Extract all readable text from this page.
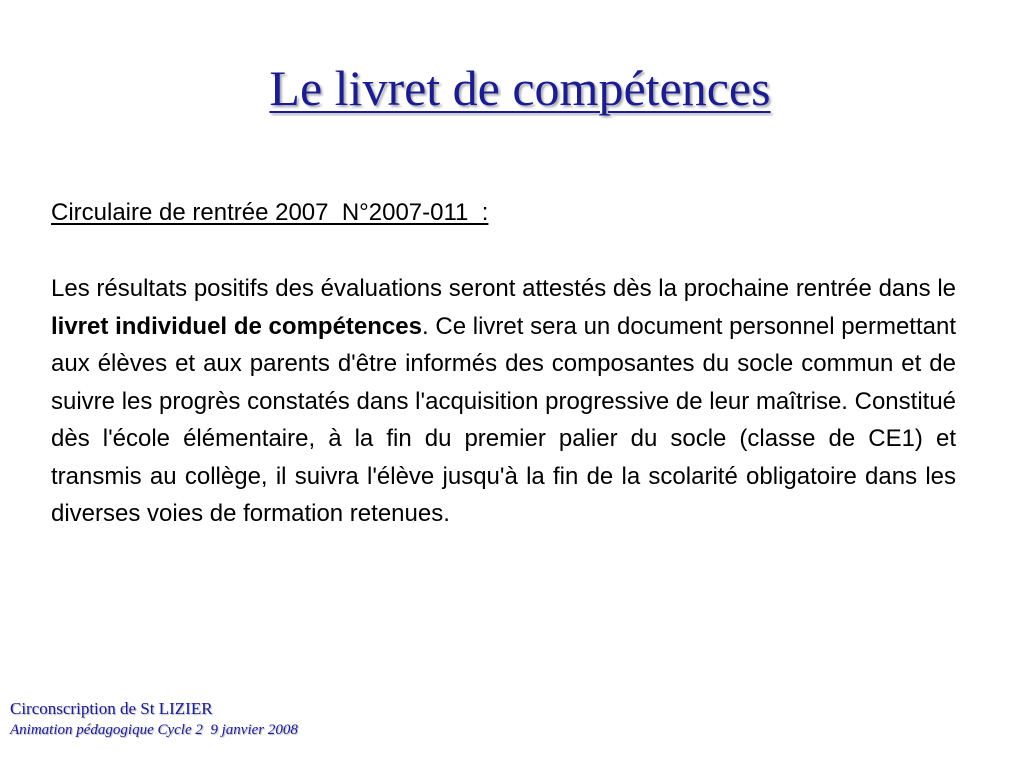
Le livret de compétences
Circulaire de rentrée 2007  N°2007-011  :

Les résultats positifs des évaluations seront attestés dès la prochaine rentrée dans le livret individuel de compétences. Ce livret sera un document personnel permettant aux élèves et aux parents d'être informés des composantes du socle commun et de suivre les progrès constatés dans l'acquisition progressive de leur maîtrise. Constitué dès l'école élémentaire, à la fin du premier palier du socle (classe de CE1) et transmis au collège, il suivra l'élève jusqu'à la fin de la scolarité obligatoire dans les diverses voies de formation retenues.

Circonscription de St LIZIER
Animation pédagogique Cycle 2  9 janvier 2008
